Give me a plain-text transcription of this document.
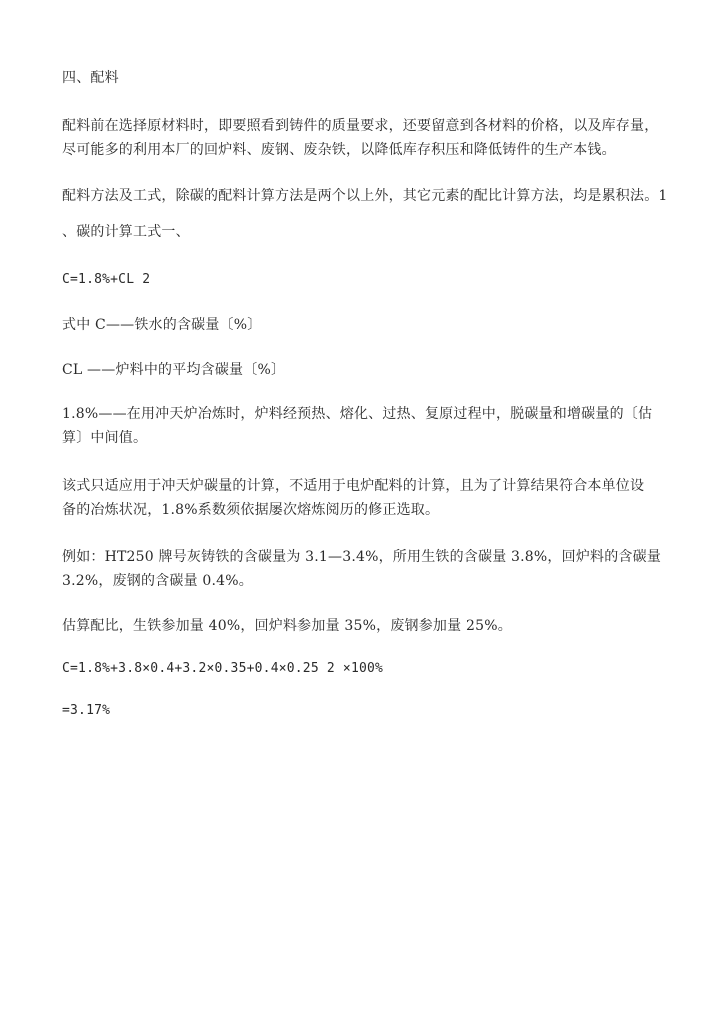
四、配料
配料前在选择原材料时，即要照看到铸件的质量要求，还要留意到各材料的价格，以及库存量，
尽可能多的利用本厂的回炉料、废钢、废杂铁，以降低库存积压和降低铸件的生产本钱。
配料方法及工式，除碳的配料计算方法是两个以上外，其它元素的配比计算方法，均是累积法。1
、碳的计算工式一、
C=1.8%+CL 2
式中 C——铁水的含碳量〔%〕
CL ——炉料中的平均含碳量〔%〕
1.8%——在用冲天炉冶炼时，炉料经预热、熔化、过热、复原过程中，脱碳量和增碳量的〔估
算〕中间值。
该式只适应用于冲天炉碳量的计算，不适用于电炉配料的计算，且为了计算结果符合本单位设
备的冶炼状况，1.8%系数须依据屡次熔炼阅历的修正选取。
例如：HT250 牌号灰铸铁的含碳量为 3.1—3.4%，所用生铁的含碳量 3.8%，回炉料的含碳量
3.2%，废钢的含碳量 0.4%。
估算配比，生铁参加量 40%，回炉料参加量 35%，废钢参加量 25%。
C=1.8%+3.8×0.4+3.2×0.35+0.4×0.25 2 ×100%
=3.17%
